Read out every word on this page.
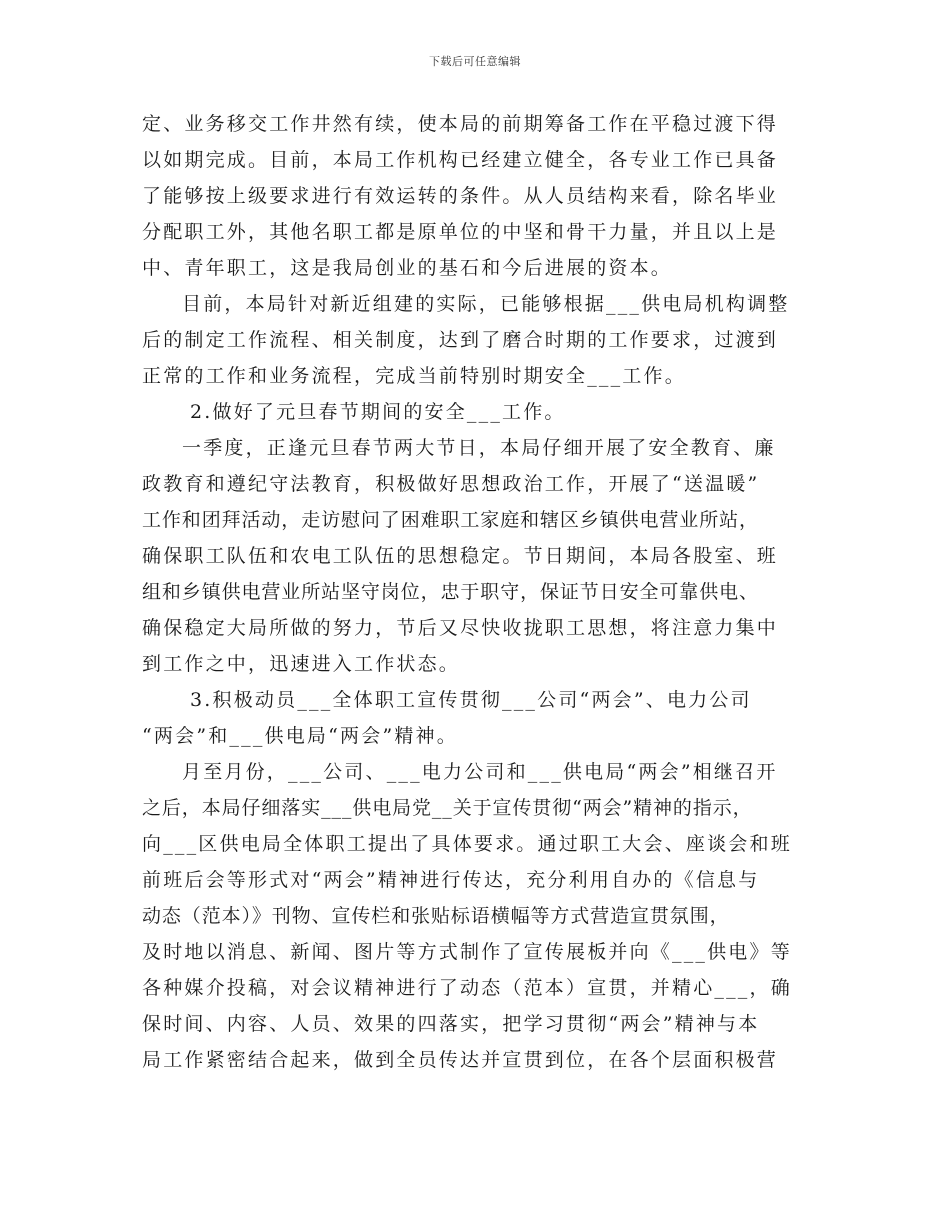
下载后可任意编辑

定、业务移交工作井然有续，使本局的前期筹备工作在平稳过渡下得
以如期完成。目前，本局工作机构已经建立健全，各专业工作已具备
了能够按上级要求进行有效运转的条件。从人员结构来看，除名毕业
分配职工外，其他名职工都是原单位的中坚和骨干力量，并且以上是
中、青年职工，这是我局创业的基石和今后进展的资本。

目前，本局针对新近组建的实际，已能够根据___供电局机构调整
后的制定工作流程、相关制度，达到了磨合时期的工作要求，过渡到
正常的工作和业务流程，完成当前特别时期安全___工作。

2.做好了元旦春节期间的安全___工作。

一季度，正逢元旦春节两大节日，本局仔细开展了安全教育、廉
政教育和遵纪守法教育，积极做好思想政治工作，开展了“送温暖”
工作和团拜活动，走访慰问了困难职工家庭和辖区乡镇供电营业所站，
确保职工队伍和农电工队伍的思想稳定。节日期间，本局各股室、班
组和乡镇供电营业所站坚守岗位，忠于职守，保证节日安全可靠供电、
确保稳定大局所做的努力，节后又尽快收拢职工思想，将注意力集中
到工作之中，迅速进入工作状态。

3.积极动员___全体职工宣传贯彻___公司“两会”、电力公司
“两会”和___供电局“两会”精神。

月至月份，___公司、___电力公司和___供电局“两会”相继召开
之后，本局仔细落实___供电局党__关于宣传贯彻“两会”精神的指示，
向___区供电局全体职工提出了具体要求。通过职工大会、座谈会和班
前班后会等形式对“两会”精神进行传达，充分利用自办的《信息与
动态（范本）》刊物、宣传栏和张贴标语横幅等方式营造宣贯氛围，
及时地以消息、新闻、图片等方式制作了宣传展板并向《___供电》等
各种媒介投稿，对会议精神进行了动态（范本）宣贯，并精心___，确
保时间、内容、人员、效果的四落实，把学习贯彻“两会”精神与本
局工作紧密结合起来，做到全员传达并宣贯到位，在各个层面积极营
